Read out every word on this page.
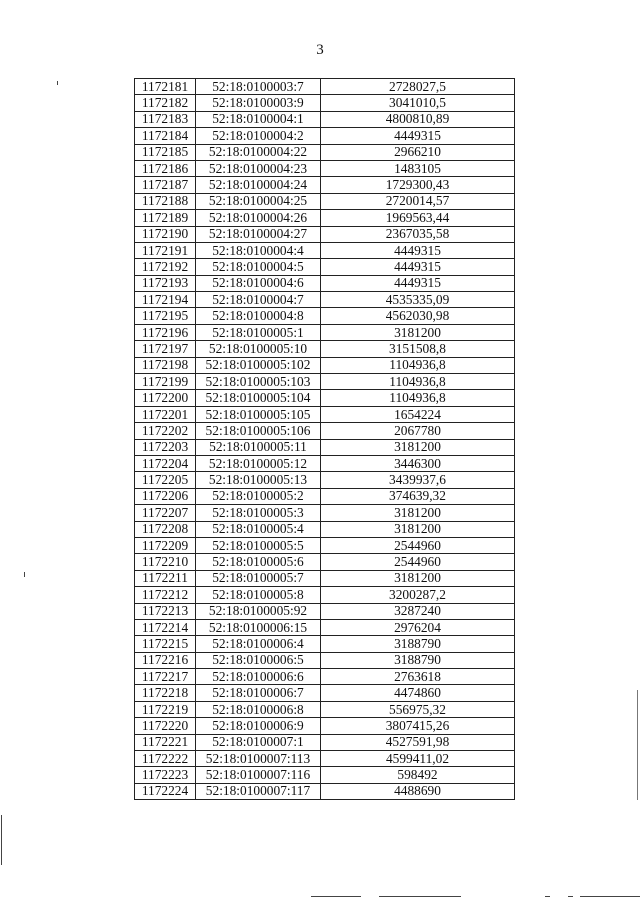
3
1172181	52:18:0100003:7	2728027,5
1172182	52:18:0100003:9	3041010,5
1172183	52:18:0100004:1	4800810,89
1172184	52:18:0100004:2	4449315
1172185	52:18:0100004:22	2966210
1172186	52:18:0100004:23	1483105
1172187	52:18:0100004:24	1729300,43
1172188	52:18:0100004:25	2720014,57
1172189	52:18:0100004:26	1969563,44
1172190	52:18:0100004:27	2367035,58
1172191	52:18:0100004:4	4449315
1172192	52:18:0100004:5	4449315
1172193	52:18:0100004:6	4449315
1172194	52:18:0100004:7	4535335,09
1172195	52:18:0100004:8	4562030,98
1172196	52:18:0100005:1	3181200
1172197	52:18:0100005:10	3151508,8
1172198	52:18:0100005:102	1104936,8
1172199	52:18:0100005:103	1104936,8
1172200	52:18:0100005:104	1104936,8
1172201	52:18:0100005:105	1654224
1172202	52:18:0100005:106	2067780
1172203	52:18:0100005:11	3181200
1172204	52:18:0100005:12	3446300
1172205	52:18:0100005:13	3439937,6
1172206	52:18:0100005:2	374639,32
1172207	52:18:0100005:3	3181200
1172208	52:18:0100005:4	3181200
1172209	52:18:0100005:5	2544960
1172210	52:18:0100005:6	2544960
1172211	52:18:0100005:7	3181200
1172212	52:18:0100005:8	3200287,2
1172213	52:18:0100005:92	3287240
1172214	52:18:0100006:15	2976204
1172215	52:18:0100006:4	3188790
1172216	52:18:0100006:5	3188790
1172217	52:18:0100006:6	2763618
1172218	52:18:0100006:7	4474860
1172219	52:18:0100006:8	556975,32
1172220	52:18:0100006:9	3807415,26
1172221	52:18:0100007:1	4527591,98
1172222	52:18:0100007:113	4599411,02
1172223	52:18:0100007:116	598492
1172224	52:18:0100007:117	4488690
